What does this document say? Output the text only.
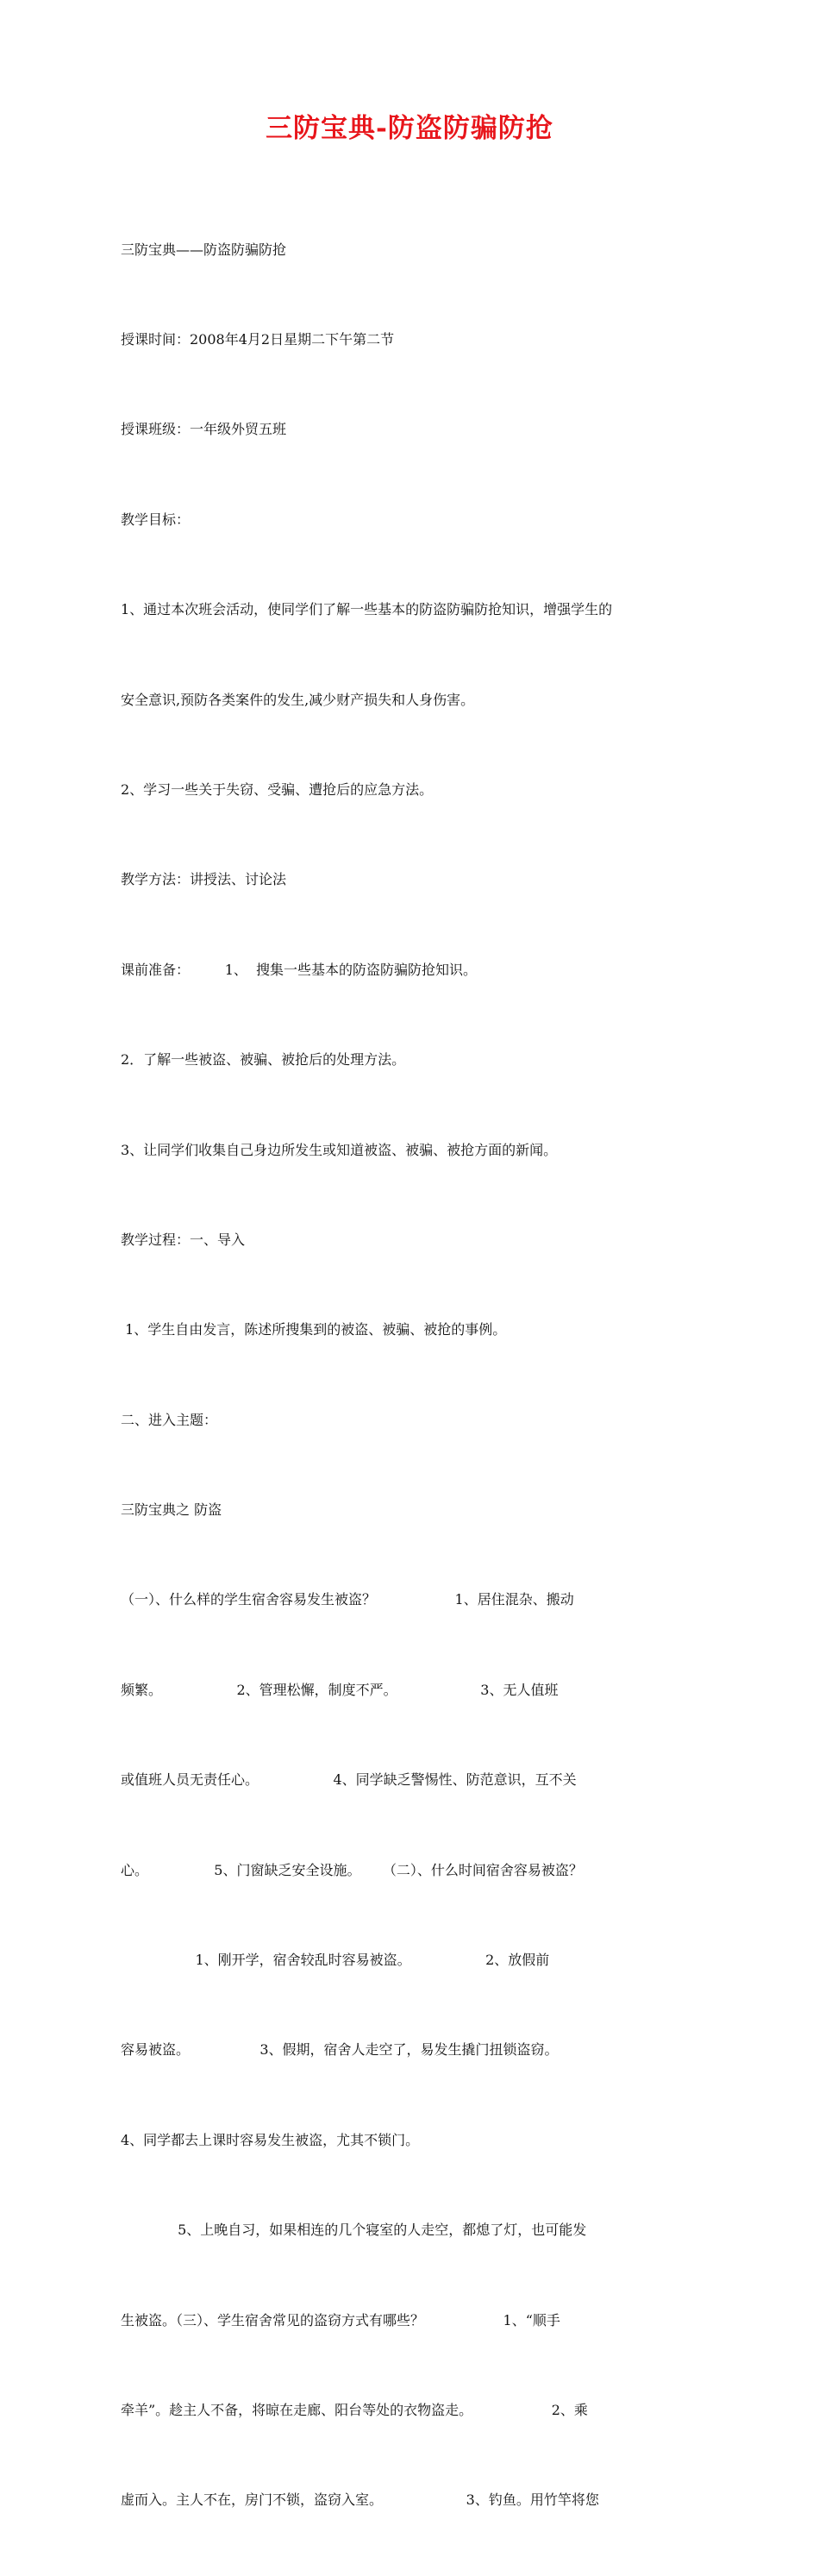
三防宝典-防盗防骗防抢

三防宝典——防盗防骗防抢

授课时间：2008年4月2日星期二下午第二节

授课班级：一年级外贸五班

教学目标：

1、通过本次班会活动，使同学们了解一些基本的防盗防骗防抢知识，增强学生的

安全意识,预防各类案件的发生,减少财产损失和人身伤害。

2、学习一些关于失窃、受骗、遭抢后的应急方法。

教学方法：讲授法、讨论法

课前准备：        1、  搜集一些基本的防盗防骗防抢知识。

2．了解一些被盗、被骗、被抢后的处理方法。

3、让同学们收集自己身边所发生或知道被盗、被骗、被抢方面的新闻。

教学过程：一、导入

1、学生自由发言，陈述所搜集到的被盗、被骗、被抢的事例。

二、进入主题：

三防宝典之 防盗

（一）、什么样的学生宿舍容易发生被盗？                  1、居住混杂、搬动

频繁。                 2、管理松懈，制度不严。                   3、无人值班

或值班人员无责任心。                 4、同学缺乏警惕性、防范意识，互不关

心。               5、门窗缺乏安全设施。     （二）、什么时间宿舍容易被盗？

1、刚开学，宿舍较乱时容易被盗。                 2、放假前

容易被盗。                3、假期，宿舍人走空了，易发生撬门扭锁盗窃。

4、同学都去上课时容易发生被盗，尤其不锁门。

5、上晚自习，如果相连的几个寝室的人走空，都熄了灯，也可能发

生被盗。（三）、学生宿舍常见的盗窃方式有哪些？                  1、“顺手

牵羊”。趁主人不备，将晾在走廊、阳台等处的衣物盗走。                  2、乘

虚而入。主人不在，房门不锁，盗窃入室。                   3、钓鱼。用竹竿将您
